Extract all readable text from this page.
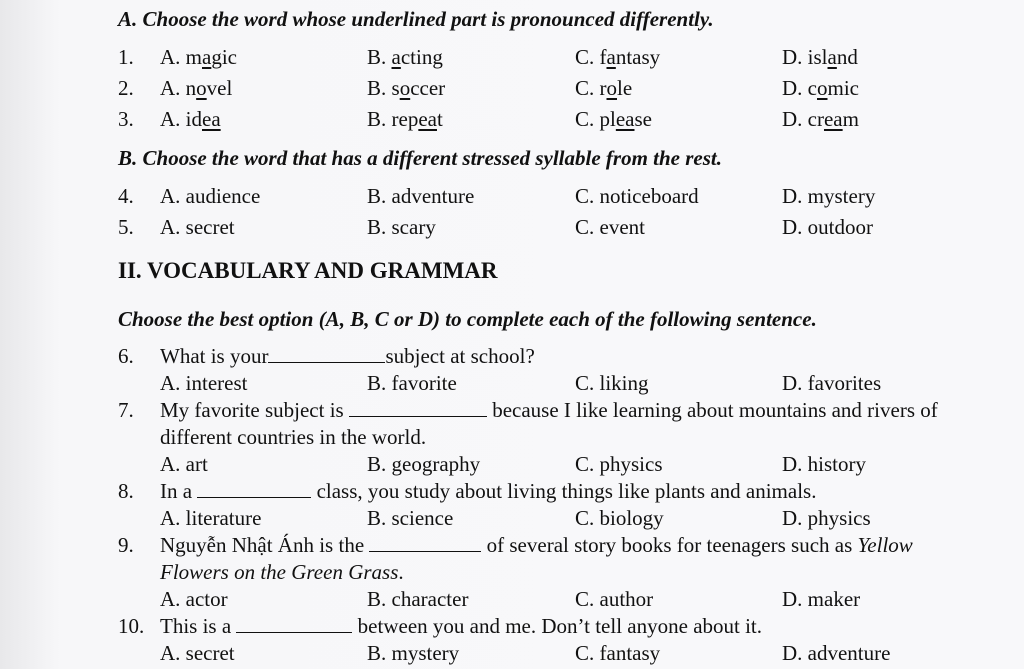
A. Choose the word whose underlined part is pronounced differently.
1. A. magic	B. acting	C. fantasy	D. island
2. A. novel	B. soccer	C. role	D. comic
3. A. idea	B. repeat	C. please	D. cream
B. Choose the word that has a different stressed syllable from the rest.
4. A. audience	B. adventure	C. noticeboard	D. mystery
5. A. secret	B. scary	C. event	D. outdoor
II. VOCABULARY AND GRAMMAR
Choose the best option (A, B, C or D) to complete each of the following sentence.
6. What is your	subject at school?
A. interest	B. favorite	C. liking	D. favorites
7. My favorite subject is	because I like learning about mountains and rivers of
different countries in the world.
A. art	B. geography	C. physics	D. history
8. In a	class, you study about living things like plants and animals.
A. literature	B. science	C. biology	D. physics
9. Nguyễn Nhật Ánh is the	of several story books for teenagers such as Yellow
Flowers on the Green Grass.
A. actor	B. character	C. author	D. maker
10. This is a	between you and me. Don’t tell anyone about it.
A. secret	B. mystery	C. fantasy	D. adventure
